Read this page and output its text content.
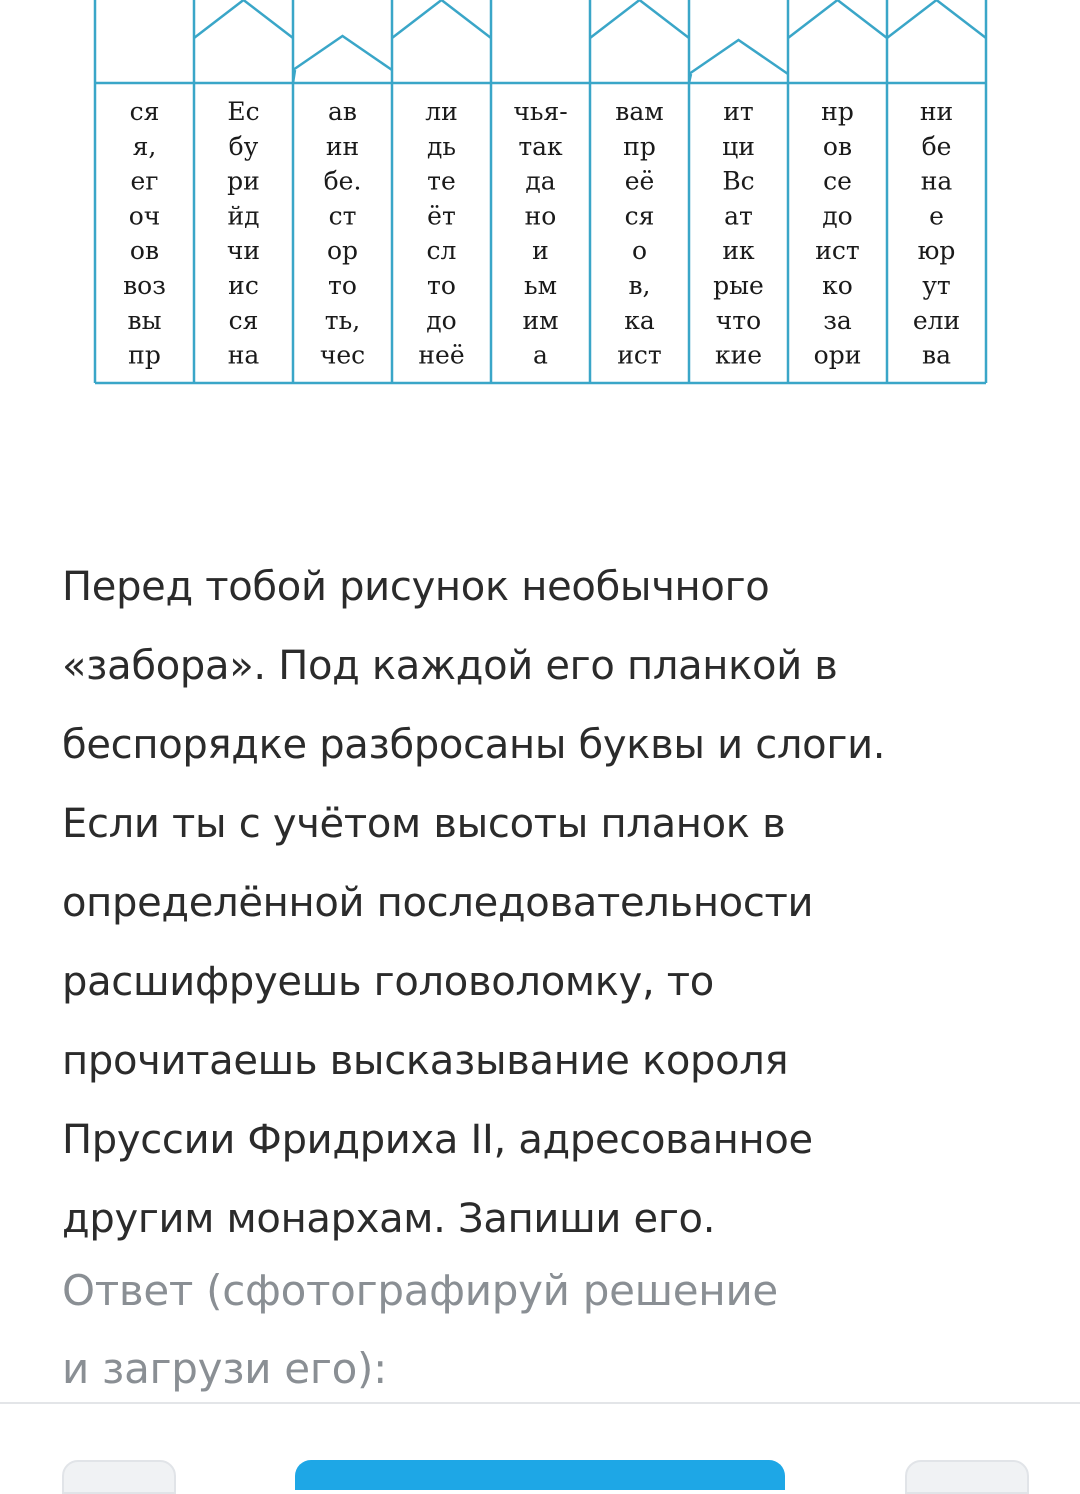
ся
я,
ег
оч
ов
воз
вы
пр
Ес
бу
ри
йд
чи
ис
ся
на
ав
ин
бе.
ст
ор
то
ть,
чес
ли
дь
те
ёт
сл
то
до
неё
чья-
так
да
но
и
ьм
им
а
вам
пр
её
ся
о
в,
ка
ист
ит
ци
Вс
ат
ик
рые
что
кие
нр
ов
се
до
ист
ко
за
ори
ни
бе
на
е
юр
ут
ели
ва
Перед тобой рисунок необычного
«забора». Под каждой его планкой в
беспорядке разбросаны буквы и слоги.
Если ты с учётом высоты планок в
определённой последовательности
расшифруешь головоломку, то
прочитаешь высказывание короля
Пруссии Фридриха II, адресованное
другим монархам. Запиши его.
Ответ (сфотографируй решение
и загрузи его):
